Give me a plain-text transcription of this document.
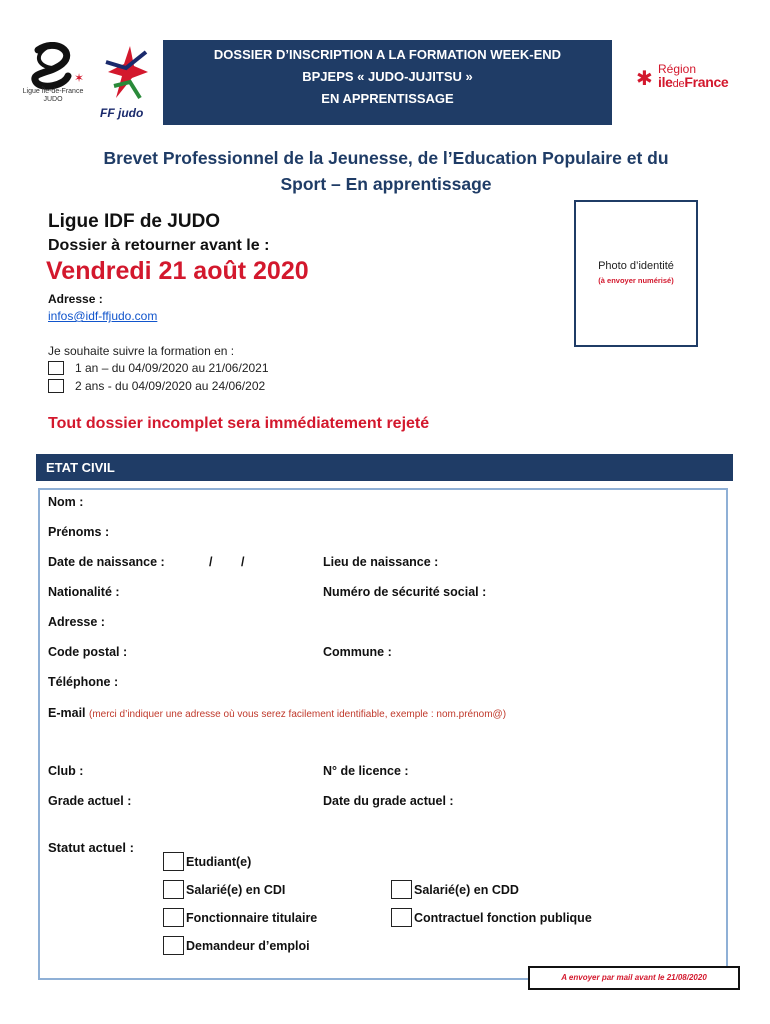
✶
Ligue Île-de-France JUDO
FF judo
✱ Région
iledeFrance
DOSSIER D’INSCRIPTION A LA FORMATION WEEK-END
BPJEPS « JUDO-JUJITSU »
EN APPRENTISSAGE
Brevet Professionnel de la Jeunesse, de l’Education Populaire et du
Sport – En apprentissage
Ligue IDF de JUDO
Dossier à retourner avant le :
Vendredi 21 août 2020
Adresse :
infos@idf-ffjudo.com
Photo d’identité
(à envoyer numérisé)
Je souhaite suivre la formation en :
1 an – du 04/09/2020 au 21/06/2021
2 ans - du 04/09/2020 au 24/06/202
Tout dossier incomplet sera immédiatement rejeté
ETAT CIVIL
Nom :
Prénoms :
Date de naissance :	/ /	Lieu de naissance :
Nationalité :	Numéro de sécurité social :
Adresse :
Code postal :	Commune :
Téléphone :
E-mail (merci d’indiquer une adresse où vous serez facilement identifiable, exemple : nom.prénom@)
Club :	N° de licence :
Grade actuel :	Date du grade actuel :
Statut actuel :
Etudiant(e)
Salarié(e) en CDI	Salarié(e) en CDD
Fonctionnaire titulaire	Contractuel fonction publique
Demandeur d’emploi
A envoyer par mail avant le 21/08/2020
